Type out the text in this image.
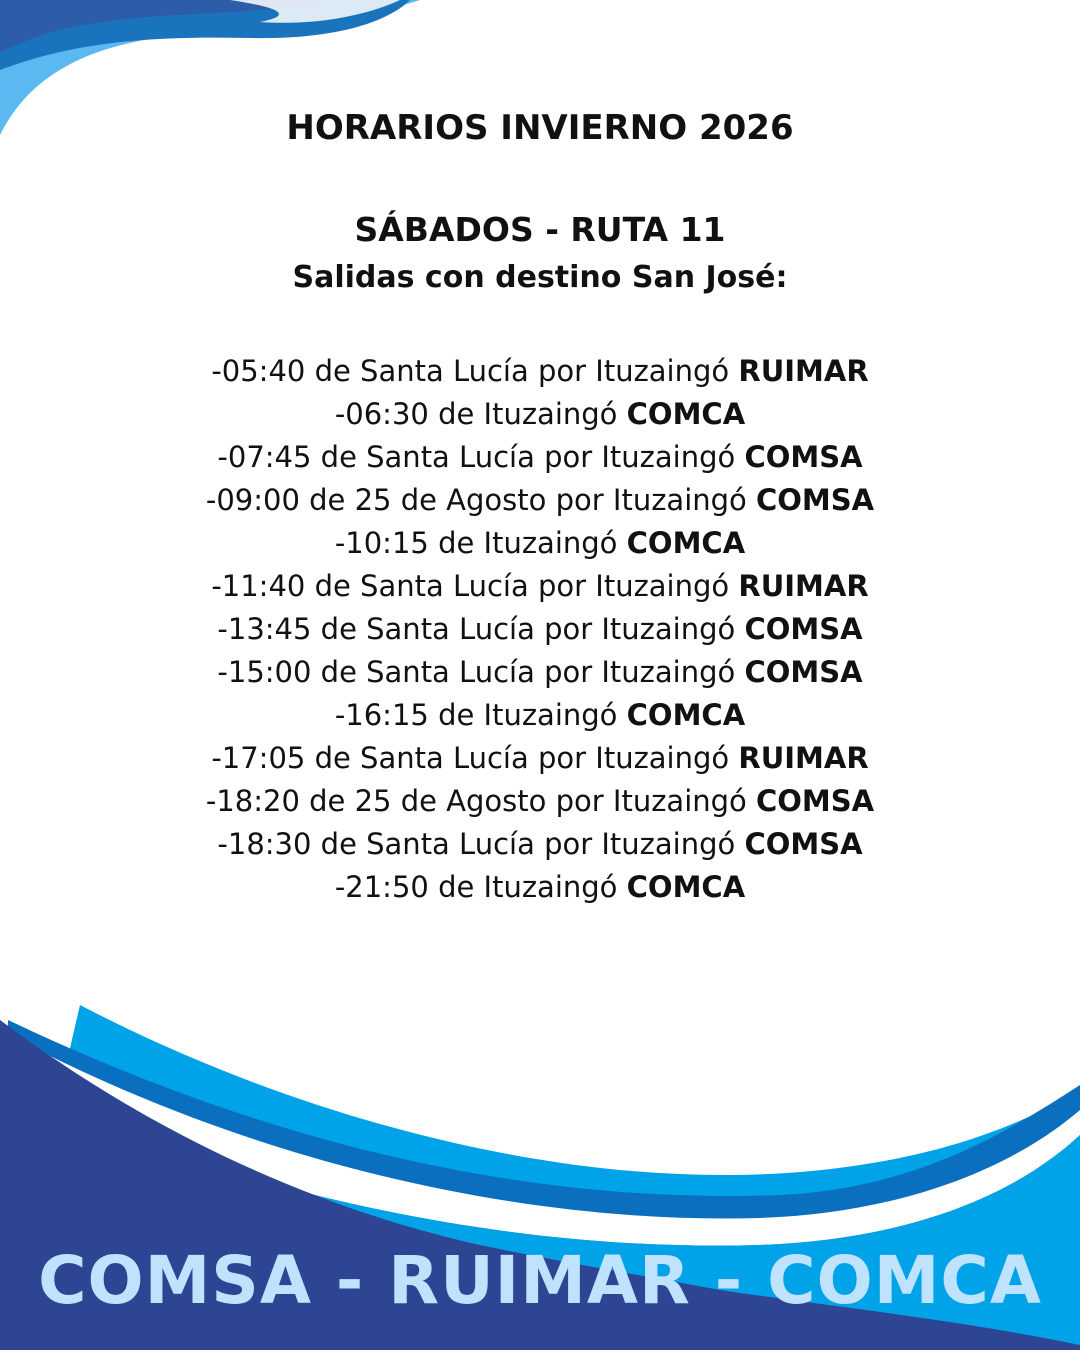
HORARIOS INVIERNO 2026
SÁBADOS - RUTA 11
Salidas con destino San José:
-05:40 de Santa Lucía por Ituzaingó RUIMAR
-06:30 de Ituzaingó COMCA
-07:45 de Santa Lucía por Ituzaingó COMSA
-09:00 de 25 de Agosto por Ituzaingó COMSA
-10:15 de Ituzaingó COMCA
-11:40 de Santa Lucía por Ituzaingó RUIMAR
-13:45 de Santa Lucía por Ituzaingó COMSA
-15:00 de Santa Lucía por Ituzaingó COMSA
-16:15 de Ituzaingó COMCA
-17:05 de Santa Lucía por Ituzaingó RUIMAR
-18:20 de 25 de Agosto por Ituzaingó COMSA
-18:30 de Santa Lucía por Ituzaingó COMSA
-21:50 de Ituzaingó COMCA
COMSA - RUIMAR - COMCA
